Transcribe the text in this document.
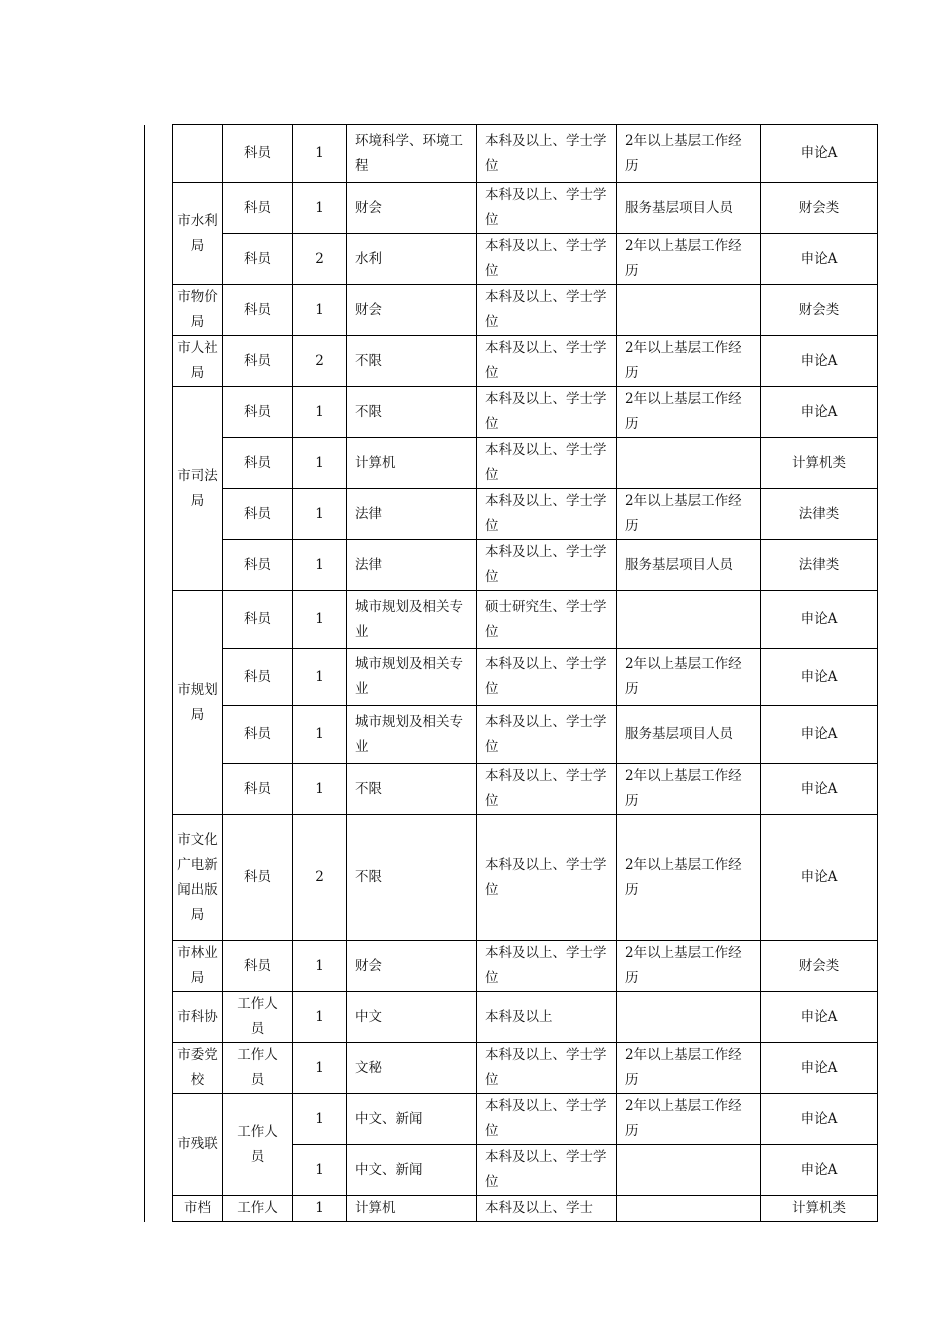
		科员	1	环境科学、环境工程	本科及以上、学士学位	2年以上基层工作经历	申论A
	市水利局	科员	1	财会	本科及以上、学士学位	服务基层项目人员	财会类
		科员	2	水利	本科及以上、学士学位	2年以上基层工作经历	申论A
	市物价局	科员	1	财会	本科及以上、学士学位		财会类
	市人社局	科员	2	不限	本科及以上、学士学位	2年以上基层工作经历	申论A
	市司法局	科员	1	不限	本科及以上、学士学位	2年以上基层工作经历	申论A
		科员	1	计算机	本科及以上、学士学位		计算机类
		科员	1	法律	本科及以上、学士学位	2年以上基层工作经历	法律类
		科员	1	法律	本科及以上、学士学位	服务基层项目人员	法律类
	市规划局	科员	1	城市规划及相关专业	硕士研究生、学士学位		申论A
		科员	1	城市规划及相关专业	本科及以上、学士学位	2年以上基层工作经历	申论A
		科员	1	城市规划及相关专业	本科及以上、学士学位	服务基层项目人员	申论A
		科员	1	不限	本科及以上、学士学位	2年以上基层工作经历	申论A
	市文化广电新闻出版局	科员	2	不限	本科及以上、学士学位	2年以上基层工作经历	申论A
	市林业局	科员	1	财会	本科及以上、学士学位	2年以上基层工作经历	财会类
	市科协	工作人员	1	中文	本科及以上		申论A
	市委党校	工作人员	1	文秘	本科及以上、学士学位	2年以上基层工作经历	申论A
	市残联	工作人员	1	中文、新闻	本科及以上、学士学位	2年以上基层工作经历	申论A
			1	中文、新闻	本科及以上、学士学位		申论A
	市档	工作人	1	计算机	本科及以上、学士		计算机类
